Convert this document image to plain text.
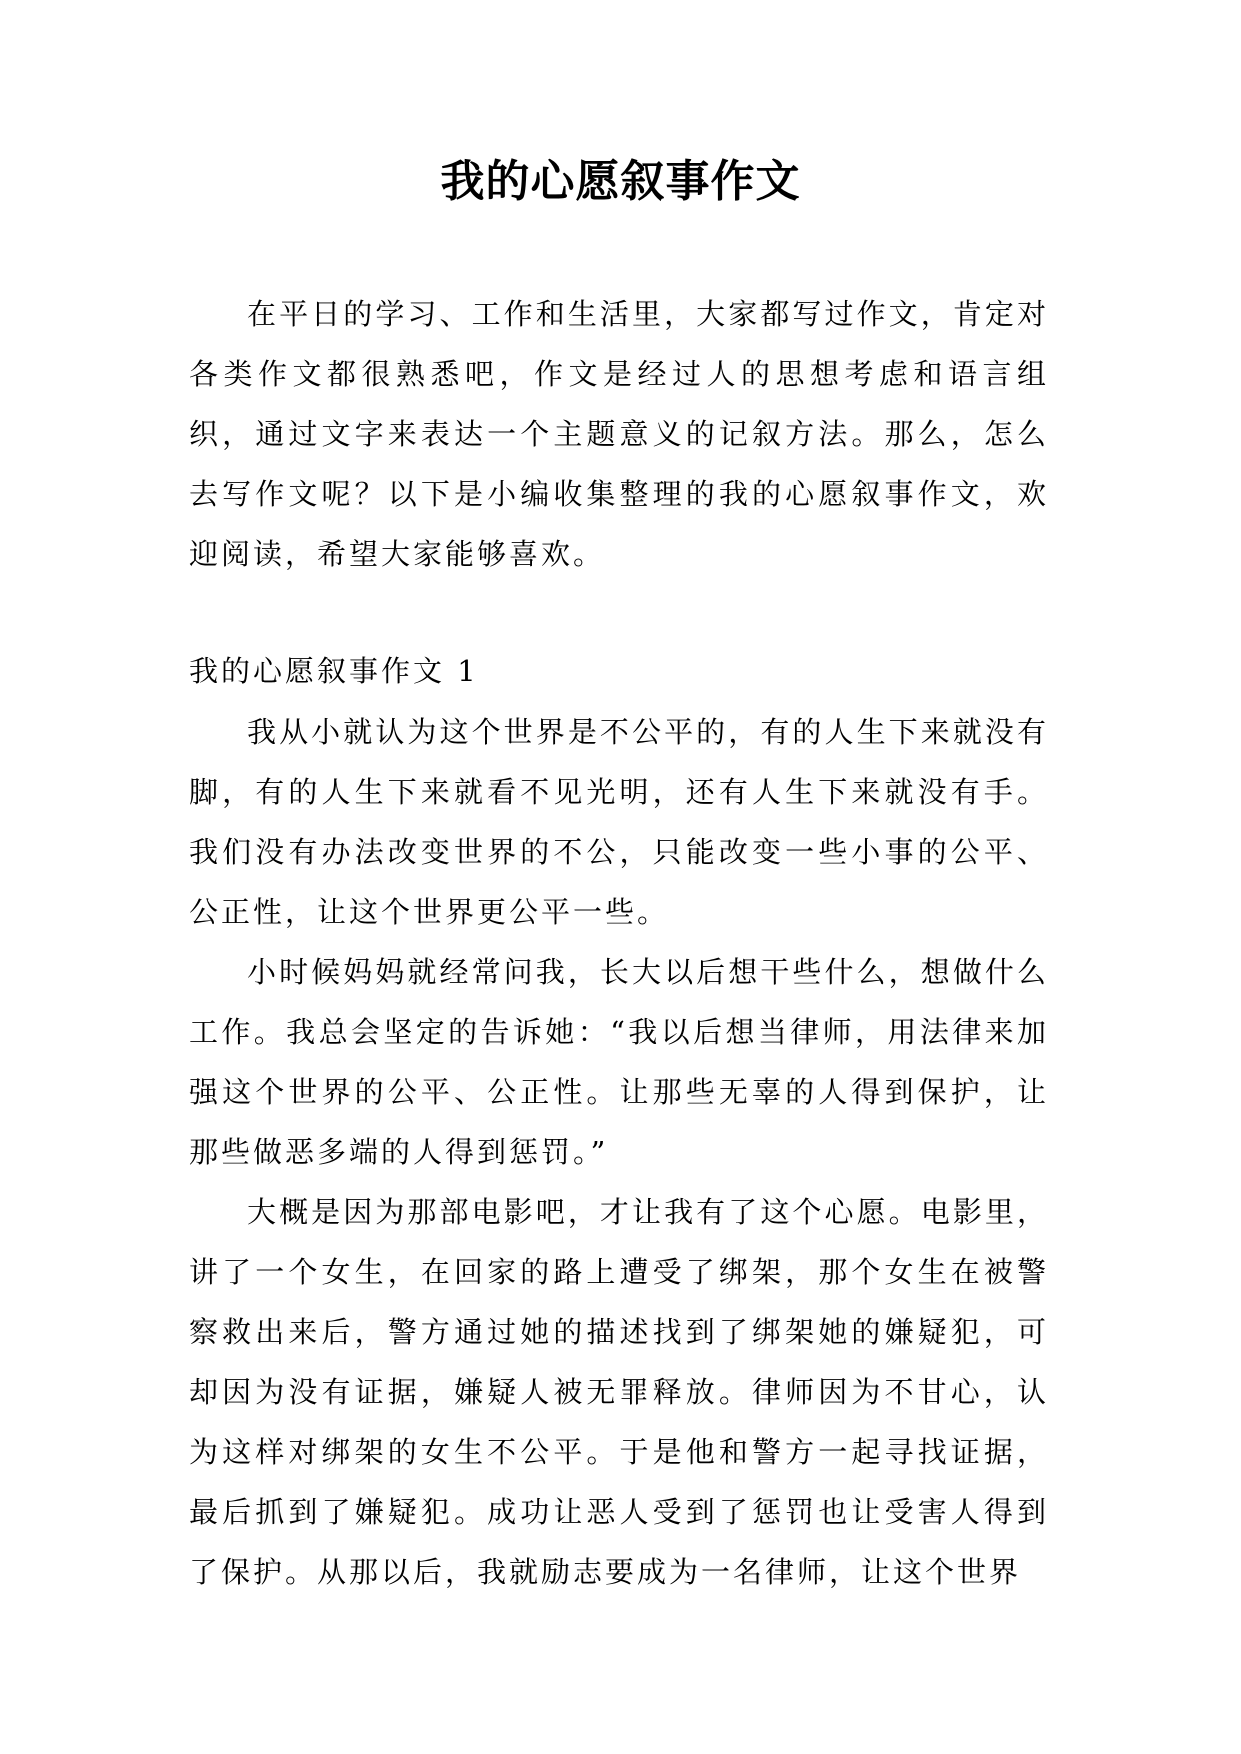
我的心愿叙事作文

在平日的学习、工作和生活里，大家都写过作文，肯定对各类作文都很熟悉吧，作文是经过人的思想考虑和语言组织，通过文字来表达一个主题意义的记叙方法。那么，怎么去写作文呢？以下是小编收集整理的我的心愿叙事作文，欢迎阅读，希望大家能够喜欢。

我的心愿叙事作文 1

我从小就认为这个世界是不公平的，有的人生下来就没有脚，有的人生下来就看不见光明，还有人生下来就没有手。我们没有办法改变世界的不公，只能改变一些小事的公平、公正性，让这个世界更公平一些。

小时候妈妈就经常问我，长大以后想干些什么，想做什么工作。我总会坚定的告诉她：“我以后想当律师，用法律来加强这个世界的公平、公正性。让那些无辜的人得到保护，让那些做恶多端的人得到惩罚。”

大概是因为那部电影吧，才让我有了这个心愿。电影里，讲了一个女生，在回家的路上遭受了绑架，那个女生在被警察救出来后，警方通过她的描述找到了绑架她的嫌疑犯，可却因为没有证据，嫌疑人被无罪释放。律师因为不甘心，认为这样对绑架的女生不公平。于是他和警方一起寻找证据，最后抓到了嫌疑犯。成功让恶人受到了惩罚也让受害人得到了保护。从那以后，我就励志要成为一名律师，让这个世界
